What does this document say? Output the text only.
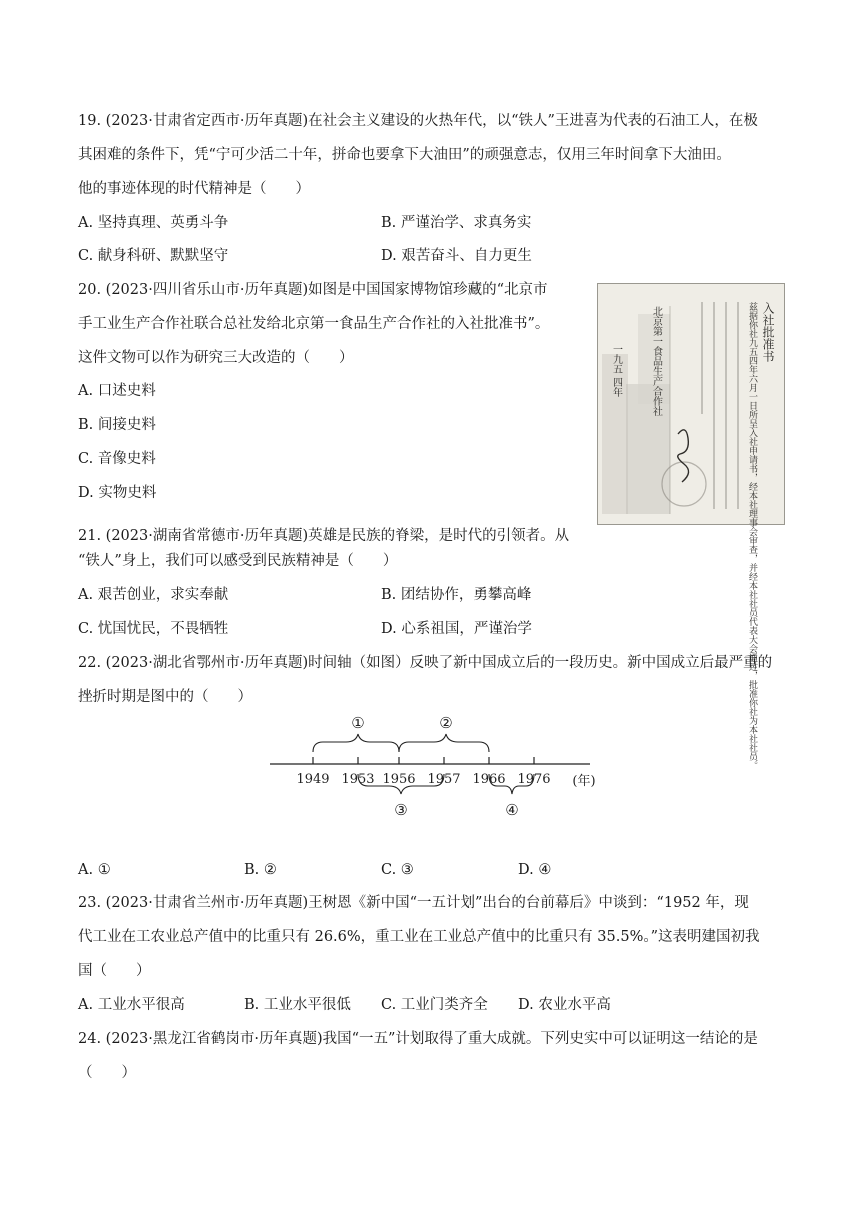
19. (2023·甘肃省定西市·历年真题)在社会主义建设的火热年代，以“铁人”王进喜为代表的石油工人，在极
其困难的条件下，凭“宁可少活二十年，拼命也要拿下大油田”的顽强意志，仅用三年时间拿下大油田。
他的事迹体现的时代精神是（　　）
A. 坚持真理、英勇斗争	B. 严谨治学、求真务实
C. 献身科研、默默坚守	D. 艰苦奋斗、自力更生
20. (2023·四川省乐山市·历年真题)如图是中国国家博物馆珍藏的“北京市
手工业生产合作社联合总社发给北京第一食品生产合作社的入社批准书”。
这件文物可以作为研究三大改造的（　　）
A. 口述史料
B. 间接史料
C. 音像史料
D. 实物史料
入社批准书
兹据你社九五四年六月一日所呈入社申请书，经本社理事会审查，并经本社社员代表大会通过，批准你社为本社社员。
北京第一食品生产合作社
一九五 四年
21. (2023·湖南省常德市·历年真题)英雄是民族的脊梁，是时代的引领者。从
“铁人”身上，我们可以感受到民族精神是（　　）
A. 艰苦创业，求实奉献	B. 团结协作，勇攀高峰
C. 忧国忧民，不畏牺牲	D. 心系祖国，严谨治学
22. (2023·湖北省鄂州市·历年真题)时间轴（如图）反映了新中国成立后的一段历史。新中国成立后最严重的
挫折时期是图中的（　　）
1949 1953 1956 1957 1966 1976 (年)
①	②
③	④
A. ①	B. ②	C. ③	D. ④
23. (2023·甘肃省兰州市·历年真题)王树恩《新中国“一五计划”出台的台前幕后》中谈到：“1952 年，现
代工业在工农业总产值中的比重只有 26.6%，重工业在工业总产值中的比重只有 35.5%。”这表明建国初我
国（　　）
A. 工业水平很高	B. 工业水平很低 C. 工业门类齐全 D. 农业水平高
24. (2023·黑龙江省鹤岗市·历年真题)我国“一五”计划取得了重大成就。下列史实中可以证明这一结论的是
（　　）
